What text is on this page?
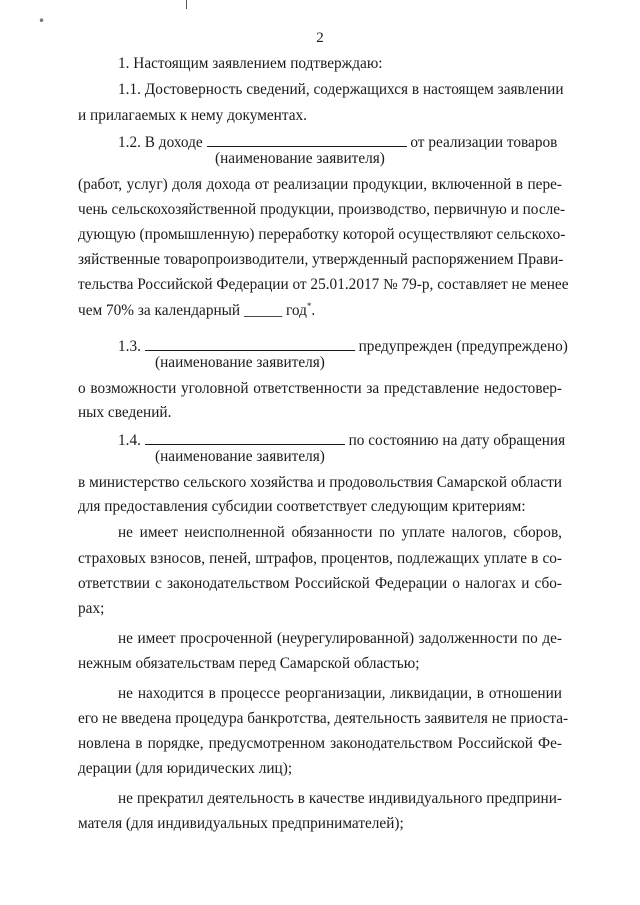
•
2
1. Настоящим заявлением подтверждаю:
1.1. Достоверность сведений, содержащихся в настоящем заявлении
и прилагаемых к нему документах.
1.2. В доходе	от реализации товаров
(наименование заявителя)
(работ, услуг) доля дохода от реализации продукции, включенной в пере-
чень сельскохозяйственной продукции, производство, первичную и после-
дующую (промышленную) переработку которой осуществляют сельскохо-
зяйственные товаропроизводители, утвержденный распоряжением Прави-
тельства Российской Федерации от 25.01.2017 № 79-р, составляет не менее
чем 70% за календарный _____ год*.
1.3.	предупрежден (предупреждено)
(наименование заявителя)
о возможности уголовной ответственности за представление недостовер-
ных сведений.
1.4.	по состоянию на дату обращения
(наименование заявителя)
в министерство сельского хозяйства и продовольствия Самарской области
для предоставления субсидии соответствует следующим критериям:
не имеет неисполненной обязанности по уплате налогов, сборов,
страховых взносов, пеней, штрафов, процентов, подлежащих уплате в со-
ответствии с законодательством Российской Федерации о налогах и сбо-
рах;
не имеет просроченной (неурегулированной) задолженности по де-
нежным обязательствам перед Самарской областью;
не находится в процессе реорганизации, ликвидации, в отношении
его не введена процедура банкротства, деятельность заявителя не приоста-
новлена в порядке, предусмотренном законодательством Российской Фе-
дерации (для юридических лиц);
не прекратил деятельность в качестве индивидуального предприни-
мателя (для индивидуальных предпринимателей);
